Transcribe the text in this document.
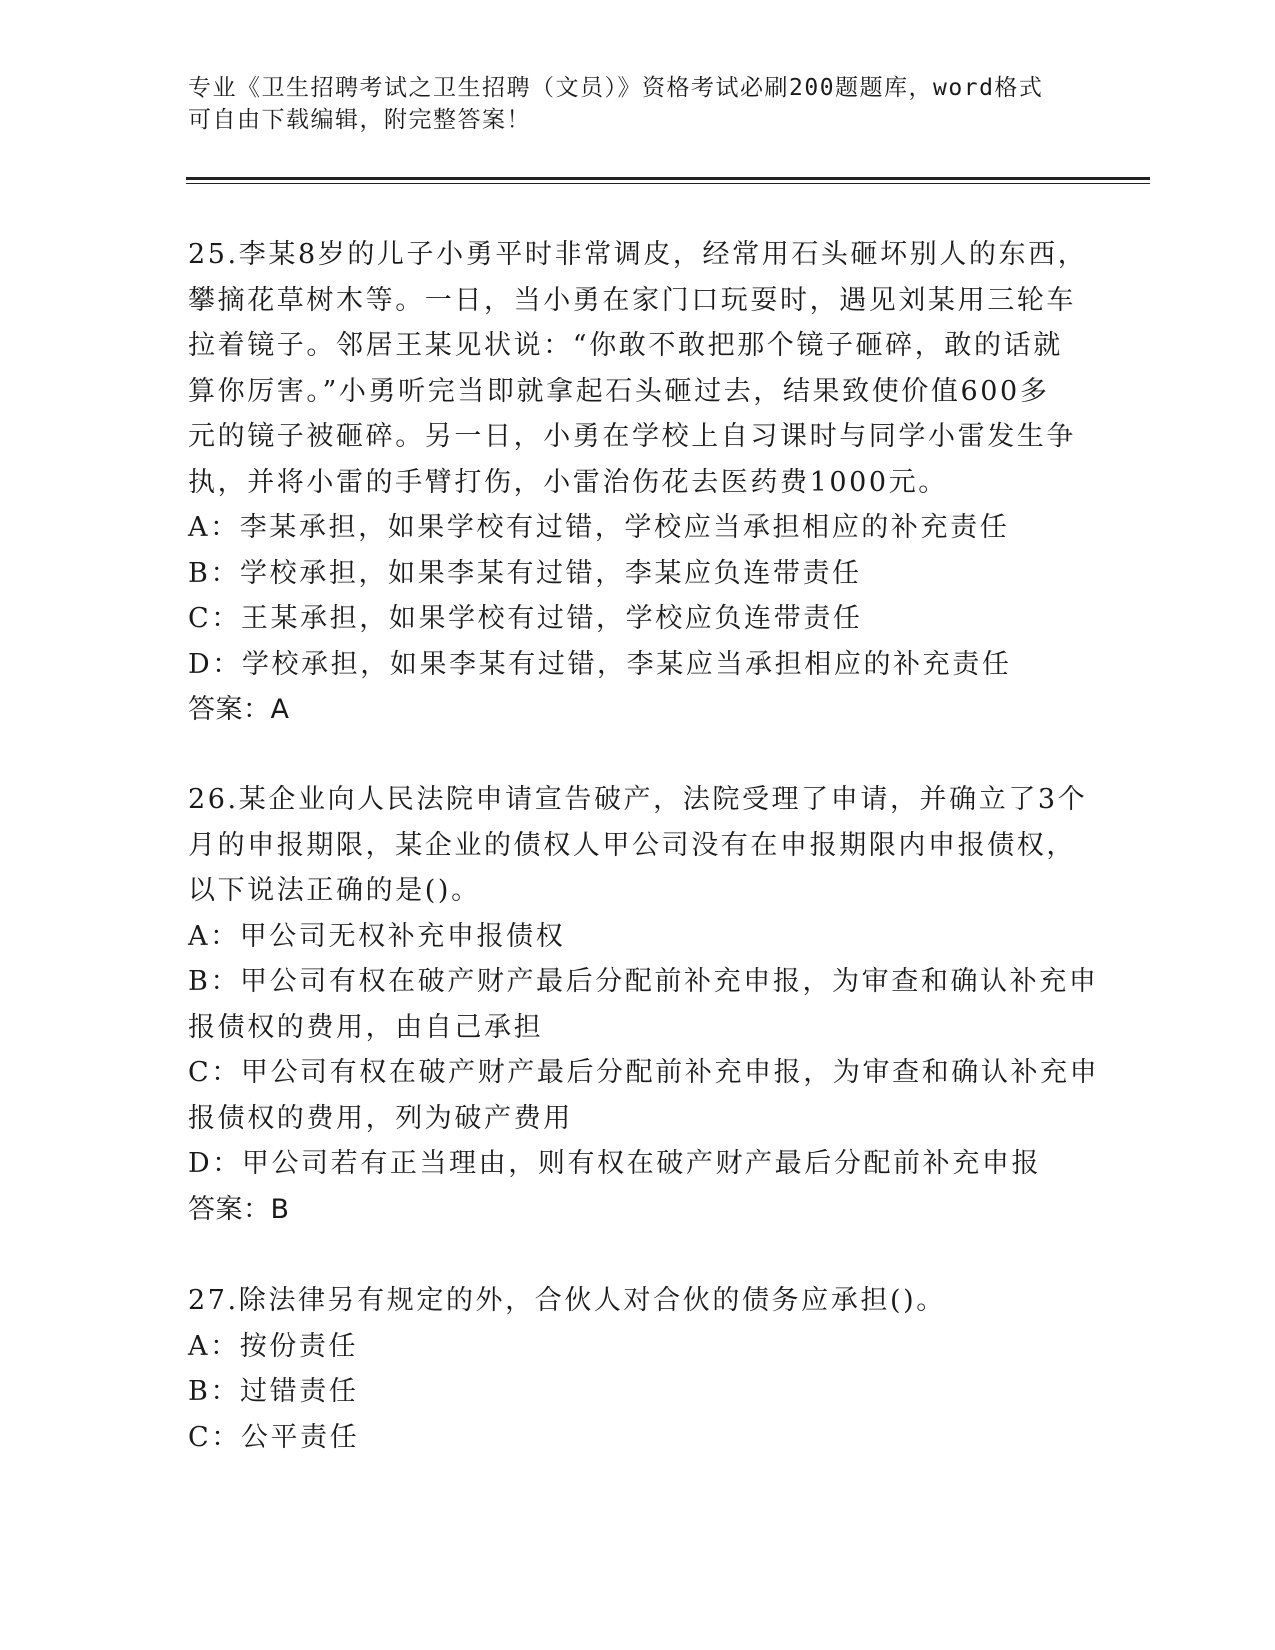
专业《卫生招聘考试之卫生招聘（文员）》资格考试必刷200题题库，word格式

可自由下载编辑，附完整答案！

25.李某8岁的儿子小勇平时非常调皮，经常用石头砸坏别人的东西，

攀摘花草树木等。一日，当小勇在家门口玩耍时，遇见刘某用三轮车

拉着镜子。邻居王某见状说：“你敢不敢把那个镜子砸碎，敢的话就

算你厉害。”小勇听完当即就拿起石头砸过去，结果致使价值600多

元的镜子被砸碎。另一日，小勇在学校上自习课时与同学小雷发生争

执，并将小雷的手臂打伤，小雷治伤花去医药费1000元。

A：李某承担，如果学校有过错，学校应当承担相应的补充责任

B：学校承担，如果李某有过错，李某应负连带责任

C：王某承担，如果学校有过错，学校应负连带责任

D：学校承担，如果李某有过错，李某应当承担相应的补充责任

答案：A

26.某企业向人民法院申请宣告破产，法院受理了申请，并确立了3个

月的申报期限，某企业的债权人甲公司没有在申报期限内申报债权，

以下说法正确的是()。

A：甲公司无权补充申报债权

B：甲公司有权在破产财产最后分配前补充申报，为审查和确认补充申

报债权的费用，由自己承担

C：甲公司有权在破产财产最后分配前补充申报，为审查和确认补充申

报债权的费用，列为破产费用

D：甲公司若有正当理由，则有权在破产财产最后分配前补充申报

答案：B

27.除法律另有规定的外，合伙人对合伙的债务应承担()。

A：按份责任

B：过错责任

C：公平责任
